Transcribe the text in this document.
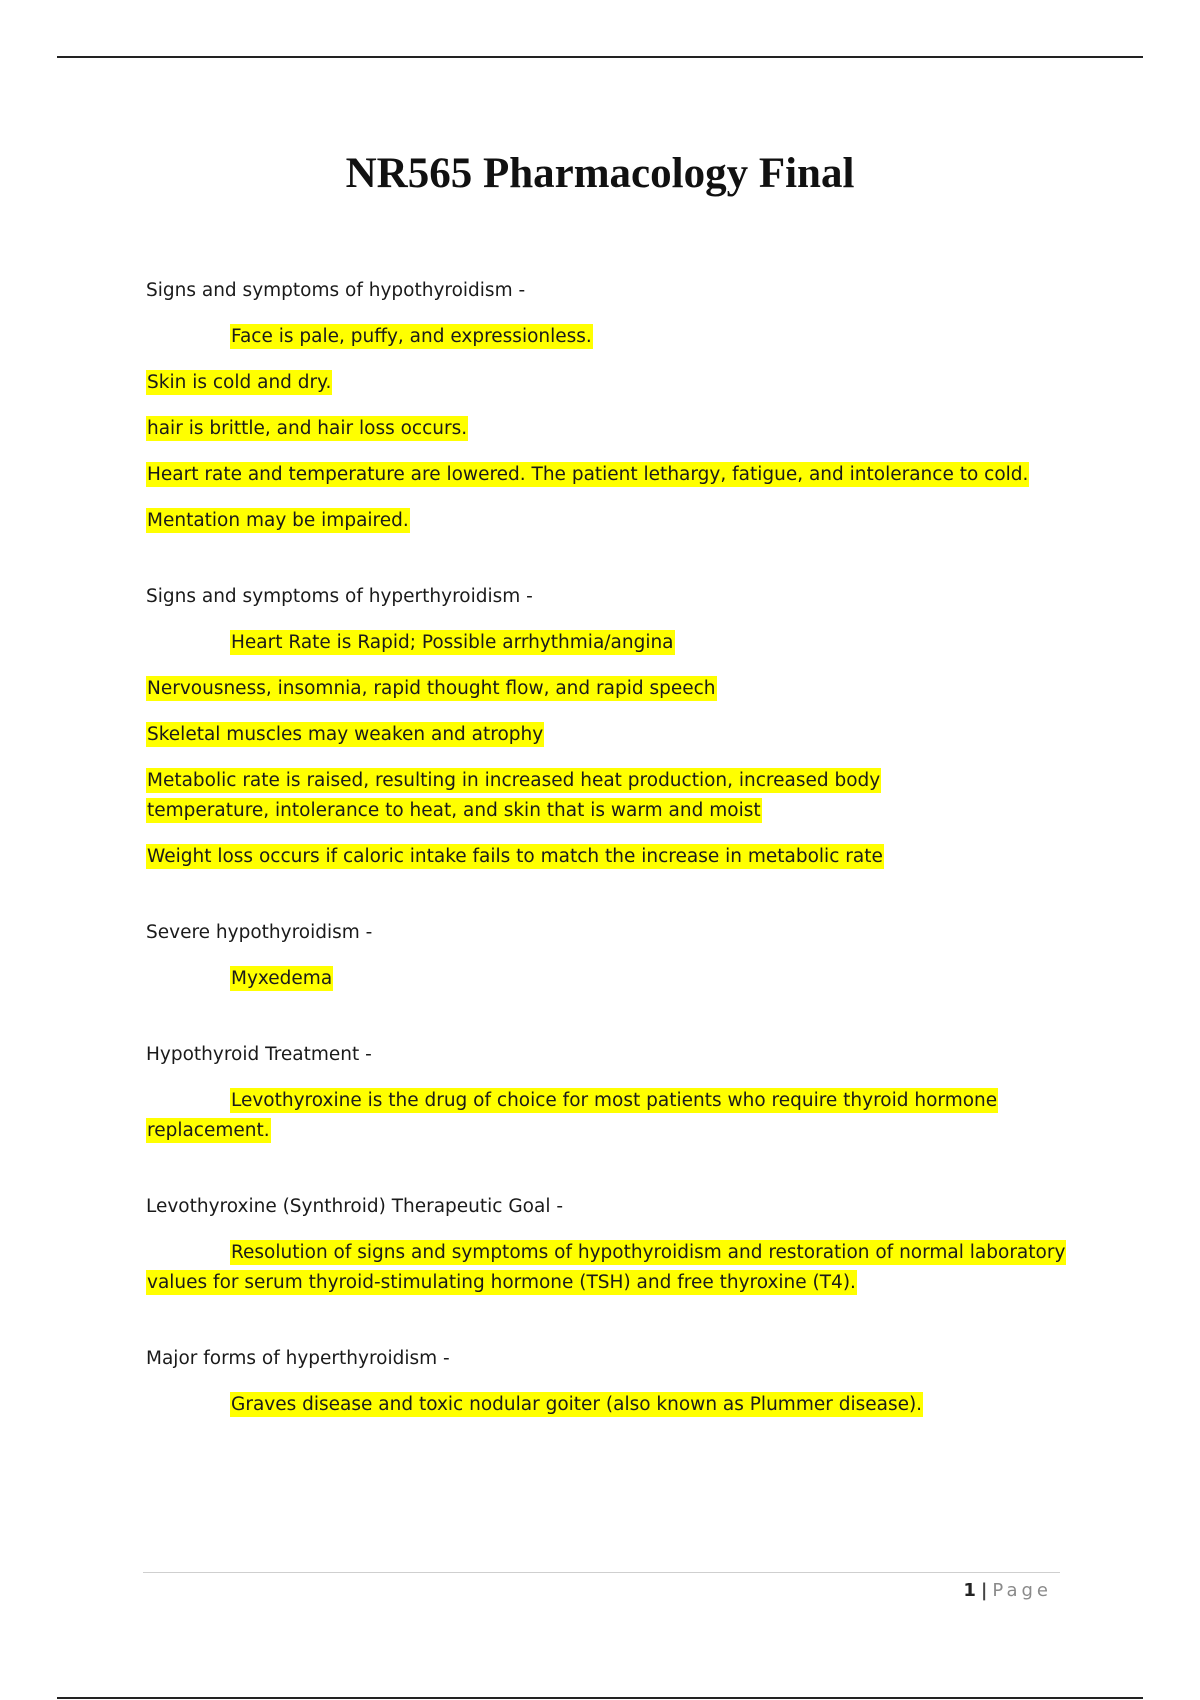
NR565 Pharmacology Final
Signs and symptoms of hypothyroidism -
Face is pale, puffy, and expressionless.
Skin is cold and dry.
hair is brittle, and hair loss occurs.
Heart rate and temperature are lowered. The patient lethargy, fatigue, and intolerance to cold.
Mentation may be impaired.
Signs and symptoms of hyperthyroidism -
Heart Rate is Rapid; Possible arrhythmia/angina
Nervousness, insomnia, rapid thought flow, and rapid speech
Skeletal muscles may weaken and atrophy
Metabolic rate is raised, resulting in increased heat production, increased body temperature, intolerance to heat, and skin that is warm and moist
Weight loss occurs if caloric intake fails to match the increase in metabolic rate
Severe hypothyroidism -
Myxedema
Hypothyroid Treatment -
Levothyroxine is the drug of choice for most patients who require thyroid hormone replacement.
Levothyroxine (Synthroid) Therapeutic Goal -
Resolution of signs and symptoms of hypothyroidism and restoration of normal laboratory values for serum thyroid-stimulating hormone (TSH) and free thyroxine (T4).
Major forms of hyperthyroidism -
Graves disease and toxic nodular goiter (also known as Plummer disease).
1 | Page
